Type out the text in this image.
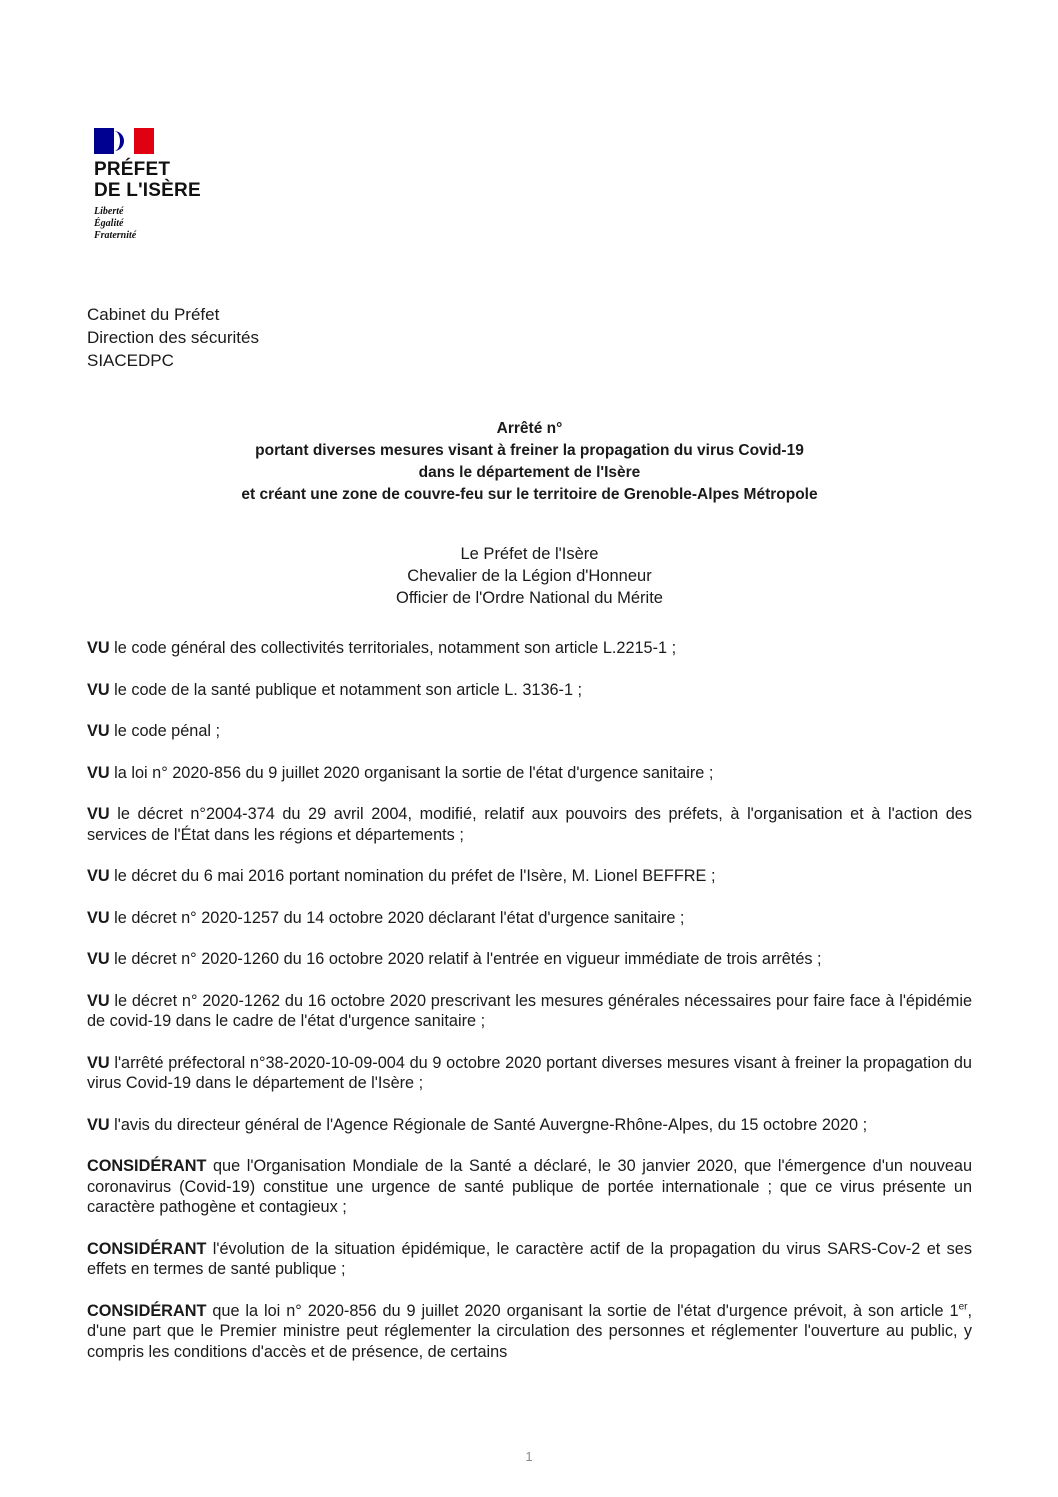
PRÉFET
DE L'ISÈRE
Liberté
Égalité
Fraternité
Cabinet du Préfet
Direction des sécurités
SIACEDPC
Arrêté n°
portant diverses mesures visant à freiner la propagation du virus Covid-19
dans le département de l'Isère
et créant une zone de couvre-feu sur le territoire de Grenoble-Alpes Métropole
Le Préfet de l'Isère
Chevalier de la Légion d'Honneur
Officier de l'Ordre National du Mérite

VU le code général des collectivités territoriales, notamment son article L.2215-1 ;

VU le code de la santé publique et notamment son article L. 3136-1 ;

VU le code pénal ;

VU la loi n° 2020-856 du 9 juillet 2020 organisant la sortie de l'état d'urgence sanitaire ;

VU le décret n°2004-374 du 29 avril 2004, modifié, relatif aux pouvoirs des préfets, à l'organisation et à l'action des services de l'État dans les régions et départements ;

VU le décret du 6 mai 2016 portant nomination du préfet de l'Isère, M. Lionel BEFFRE ;

VU le décret n° 2020-1257 du 14 octobre 2020 déclarant l'état d'urgence sanitaire ;

VU le décret n° 2020-1260 du 16 octobre 2020 relatif à l'entrée en vigueur immédiate de trois arrêtés ;

VU le décret n° 2020-1262 du 16 octobre 2020 prescrivant les mesures générales nécessaires pour faire face à l'épidémie de covid-19 dans le cadre de l'état d'urgence sanitaire ;

VU l'arrêté préfectoral n°38-2020-10-09-004 du 9 octobre 2020 portant diverses mesures visant à freiner la propagation du virus Covid-19 dans le département de l'Isère ;

VU l'avis du directeur général de l'Agence Régionale de Santé Auvergne-Rhône-Alpes, du 15 octobre 2020 ;

CONSIDÉRANT que l'Organisation Mondiale de la Santé a déclaré, le 30 janvier 2020, que l'émergence d'un nouveau coronavirus (Covid-19) constitue une urgence de santé publique de portée internationale ; que ce virus présente un caractère pathogène et contagieux ;

CONSIDÉRANT l'évolution de la situation épidémique, le caractère actif de la propagation du virus SARS-Cov-2 et ses effets en termes de santé publique ;

CONSIDÉRANT que la loi n° 2020-856 du 9 juillet 2020 organisant la sortie de l'état d'urgence prévoit, à son article 1er, d'une part que le Premier ministre peut réglementer la circulation des personnes et réglementer l'ouverture au public, y compris les conditions d'accès et de présence, de certains

1
